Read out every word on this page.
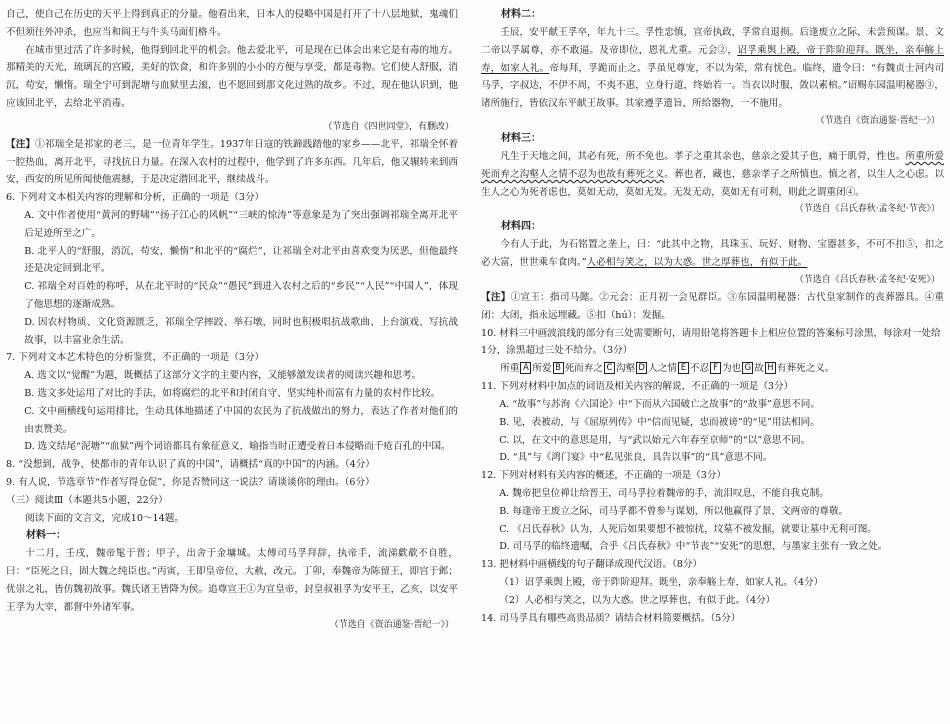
自己，使自己在历史的天平上得到真正的分量。他看出来，日本人的侵略中国是打开了十八层地狱，鬼魂们不但须往外冲杀，也应当和阎王与牛头马面们格斗。

在城市里过活了许多时候，他得到回北平的机会。他去爱北平，可是现在已体会出来它是有毒的地方。那精美的天光，琉璃瓦的宫殿，美好的饮食，和许多别的小小的方便与享受，都是毒物。它们使人舒服，消沉，苟安，懒惰。瑞全宁可到泥塘与血狱里去滚，也不愿回到那文化过熟的故乡。不过，现在他认识到，他应该回北平，去给北平消毒。

（节选自《四世同堂》，有删改）

【注】①祁瑞全是祁家的老三，是一位青年学生。1937年日寇的铁蹄践踏他的家乡——北平，祁瑞全怀着一腔热血，离开北平，寻找抗日力量。在深入农村的过程中，他学到了许多东西。几年后，他又辗转来到西安，西安的所见所闻使他震撼，于是决定潜回北平，继续战斗。

6. 下列对文本相关内容的理解和分析，正确的一项是（3分）

A. 文中作者使用“黄河的野啸”“扬子江心的风帆”“三峡的惊涛”等意象是为了突出强调祁瑞全离开北平后足迹所至之广。

B. 北平人的“舒服，消沉，苟安，懒惰”和北平的“腐烂”，让祁瑞全对北平由喜欢变为厌恶，但他最终还是决定回到北平。

C. 祁瑞全对百姓的称呼，从在北平时的“民众”“愚民”到进入农村之后的“乡民”“人民”“中国人”，体现了他思想的逐渐成熟。

D. 因农村物质、文化资源匮乏，祁瑞全学摔跤、举石墩，同时也积极唱抗战歌曲、上台演戏、写抗战故事，以丰富业余生活。

7. 下列对文本艺术特色的分析鉴赏，不正确的一项是（3分）

A. 选文以“觉醒”为题，既概括了这部分文字的主要内容，又能够激发读者的阅读兴趣和思考。

B. 选文多处运用了对比的手法，如将腐烂的北平和封闭自守、坚实纯朴而富有力量的农村作比较。

C. 文中画横线句运用排比，生动具体地描述了中国的农民为了抗战做出的努力，表达了作者对他们的由衷赞美。

D. 选文结尾“泥塘”“血狱”两个词语都具有象征意义，喻指当时正遭受着日本侵略而千疮百孔的中国。

8. “没想到，战争，使都市的青年认识了真的中国”，请概括“真的中国”的内涵。（4分）

9. 有人说，节选章节“作者写得仓促”，你是否赞同这一说法？请谈谈你的理由。（6分）

（三）阅读Ⅲ（本题共5小题，22分）

阅读下面的文言文，完成10～14题。

材料一：

十二月，壬戌，魏帝髦于晋；甲子，出舍于金墉城。太傅司马孚拜辞，执帝手，流涕歔欷不自胜，曰：“臣死之日，固大魏之纯臣也。”丙寅，王即皇帝位，大赦，改元。丁卯，奉魏帝为陈留王，即宫于邺；优崇之礼，皆仿魏初故事。魏氏诸王皆降为侯。追尊宣王①为宣皇帝，封皇叔祖孚为安平王，乙亥，以安平王孚为大宰，都督中外诸军事。

（节选自《资治通鉴·晋纪一》）

材料二：

壬辰，安平献王孚卒，年九十三。孚性忠慎，宣帝执政，孚常自退损。后逢废立之际，未尝预谋。景、文二帝以孚属尊，亦不敢逼。及帝即位，恩礼尤重。元会②，诏孚乘舆上殿，帝于阼阶迎拜。既坐，亲奉觞上寿，如家人礼。帝每拜，孚跪而止之。孚虽见尊宠，不以为荣，常有忧色。临终，遗令曰：“有魏贞士河内司马孚，字叔达，不伊不周，不夷不惠，立身行道，终始若一。当衣以时服，敛以素棺。”诏赐东园温明秘器③，诸所施行，皆依汉东平献王故事。其家遵孚遗旨，所给器物，一不施用。

（节选自《资治通鉴·晋纪一》）

材料三：

凡生于天地之间，其必有死，所不免也。孝子之重其亲也，慈亲之爱其子也，痛于肌骨，性也。所重所爱死而弃之沟壑人之情不忍为也故有葬死之义。葬也者，藏也，慈亲孝子之所慎也。慎之者，以生人之心虑。以生人之心为死者虑也，莫如无动，莫如无发。无发无动，莫如无有可利，则此之谓重闭④。

（节选自《吕氏春秋·孟冬纪·节丧》）

材料四：

今有人于此，为石铭置之垄上，曰：“此其中之物，具珠玉、玩好、财物、宝器甚多，不可不扣⑤，扣之必大富，世世乘车食肉。”人必相与笑之，以为大惑。世之厚葬也，有似于此。

（节选自《吕氏春秋·孟冬纪·安死》）

【注】①宣王：指司马懿。②元会：正月初一会见群臣。③东园温明秘器：古代皇家制作的丧葬器具。④重闭：大闭，指永远埋藏。⑤扣（hú）：发掘。

10. 材料三中画波浪线的部分有三处需要断句，请用铅笔将答题卡上相应位置的答案标号涂黑，每涂对一处给1分，涂黑超过三处不给分。（3分）

所重 A 所爱 B 死而弃之 C 沟壑 D 人之情 E 不忍 F 为也 G 故 H 有葬死之义。

11. 下列对材料中加点的词语及相关内容的解说，不正确的一项是（3分）

A. “故事”与苏洵《六国论》中“下而从六国破亡之故事”的“故事”意思不同。

B. 见，表被动，与《屈原列传》中“信而见疑，忠而被谤”的“见”用法相同。

C. 以，在文中的意思是用，与“武以始元六年春至京师”的“以”意思不同。

D. “具”与《鸿门宴》中“私见张良，具告以事”的“具”意思不同。

12. 下列对材料有关内容的概述，不正确的一项是（3分）

A. 魏帝把皇位禅让给晋王，司马孚拉着魏帝的手，流泪叹息，不能自我克制。

B. 每逢帝王废立之际，司马孚都不曾参与谋划，所以他赢得了景、文两帝的尊敬。

C. 《吕氏春秋》认为，人死后如果要想不被惊扰，坟墓不被发掘，就要让墓中无利可图。

D. 司马孚的临终遗嘱，合乎《吕氏春秋》中“节丧”“安死”的思想，与墨家主张有一致之处。

13. 把材料中画横线的句子翻译成现代汉语。（8分）

（1）诏孚乘舆上殿，帝于阼阶迎拜。既坐，亲奉觞上寿，如家人礼。（4分）

（2）人必相与笑之，以为大惑。世之厚葬也，有似于此。（4分）

14. 司马孚具有哪些高贵品质？请结合材料简要概括。（5分）
